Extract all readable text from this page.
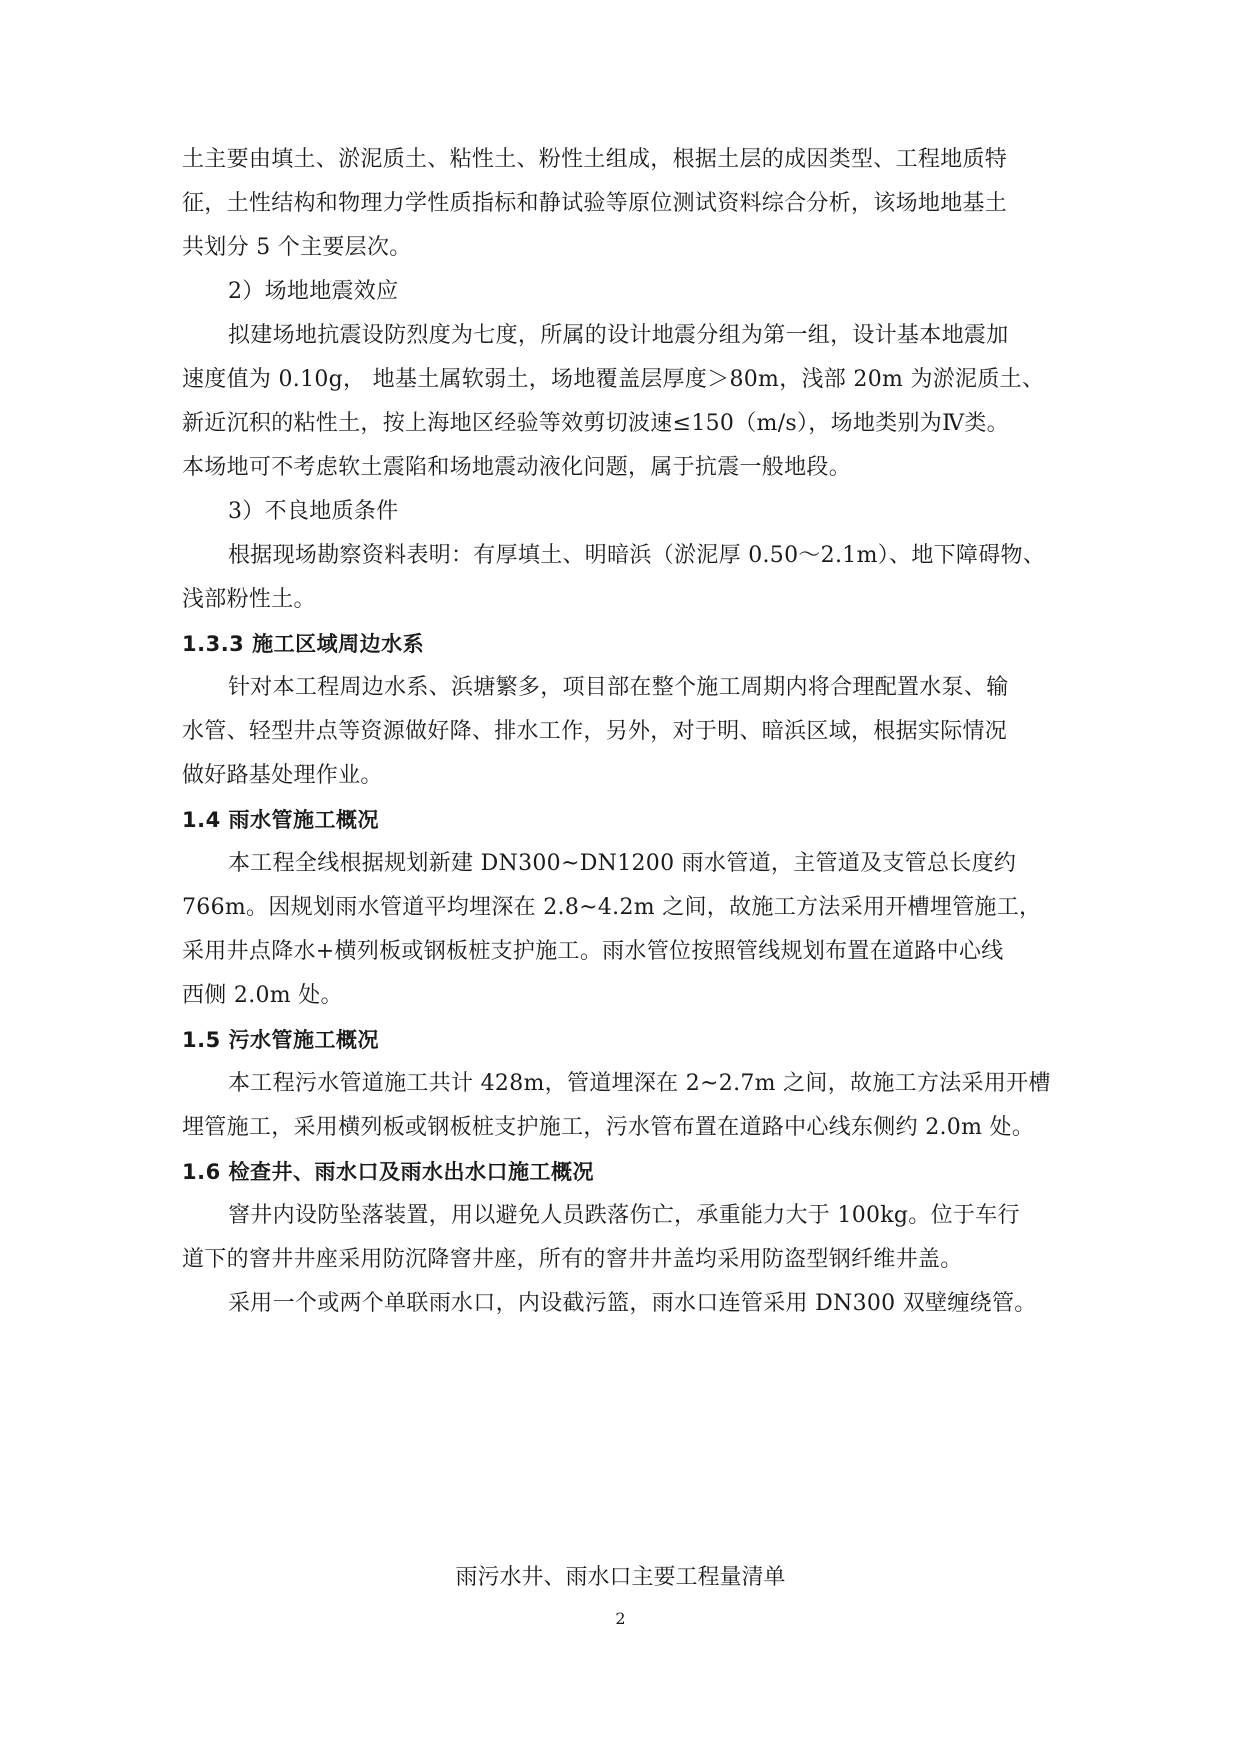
土主要由填土、淤泥质土、粘性土、粉性土组成，根据土层的成因类型、工程地质特
征，土性结构和物理力学性质指标和静试验等原位测试资料综合分析，该场地地基土
共划分 5 个主要层次。
2）场地地震效应
拟建场地抗震设防烈度为七度，所属的设计地震分组为第一组，设计基本地震加
速度值为 0.10g， 地基土属软弱土，场地覆盖层厚度＞80m，浅部 20m 为淤泥质土、
新近沉积的粘性土，按上海地区经验等效剪切波速≤150（m/s），场地类别为Ⅳ类。
本场地可不考虑软土震陷和场地震动液化问题，属于抗震一般地段。
3）不良地质条件
根据现场勘察资料表明：有厚填土、明暗浜（淤泥厚 0.50～2.1m）、地下障碍物、
浅部粉性土。
1.3.3 施工区域周边水系
针对本工程周边水系、浜塘繁多，项目部在整个施工周期内将合理配置水泵、输
水管、轻型井点等资源做好降、排水工作，另外，对于明、暗浜区域，根据实际情况
做好路基处理作业。
1.4 雨水管施工概况
本工程全线根据规划新建 DN300~DN1200 雨水管道，主管道及支管总长度约
766m。因规划雨水管道平均埋深在 2.8~4.2m 之间，故施工方法采用开槽埋管施工，
采用井点降水+横列板或钢板桩支护施工。雨水管位按照管线规划布置在道路中心线
西侧 2.0m 处。
1.5 污水管施工概况
本工程污水管道施工共计 428m，管道埋深在 2~2.7m 之间，故施工方法采用开槽
埋管施工，采用横列板或钢板桩支护施工，污水管布置在道路中心线东侧约 2.0m 处。
1.6 检查井、雨水口及雨水出水口施工概况
窨井内设防坠落装置，用以避免人员跌落伤亡，承重能力大于 100kg。位于车行
道下的窨井井座采用防沉降窨井座，所有的窨井井盖均采用防盗型钢纤维井盖。
采用一个或两个单联雨水口，内设截污篮，雨水口连管采用 DN300 双壁缠绕管。
雨污水井、雨水口主要工程量清单
2
